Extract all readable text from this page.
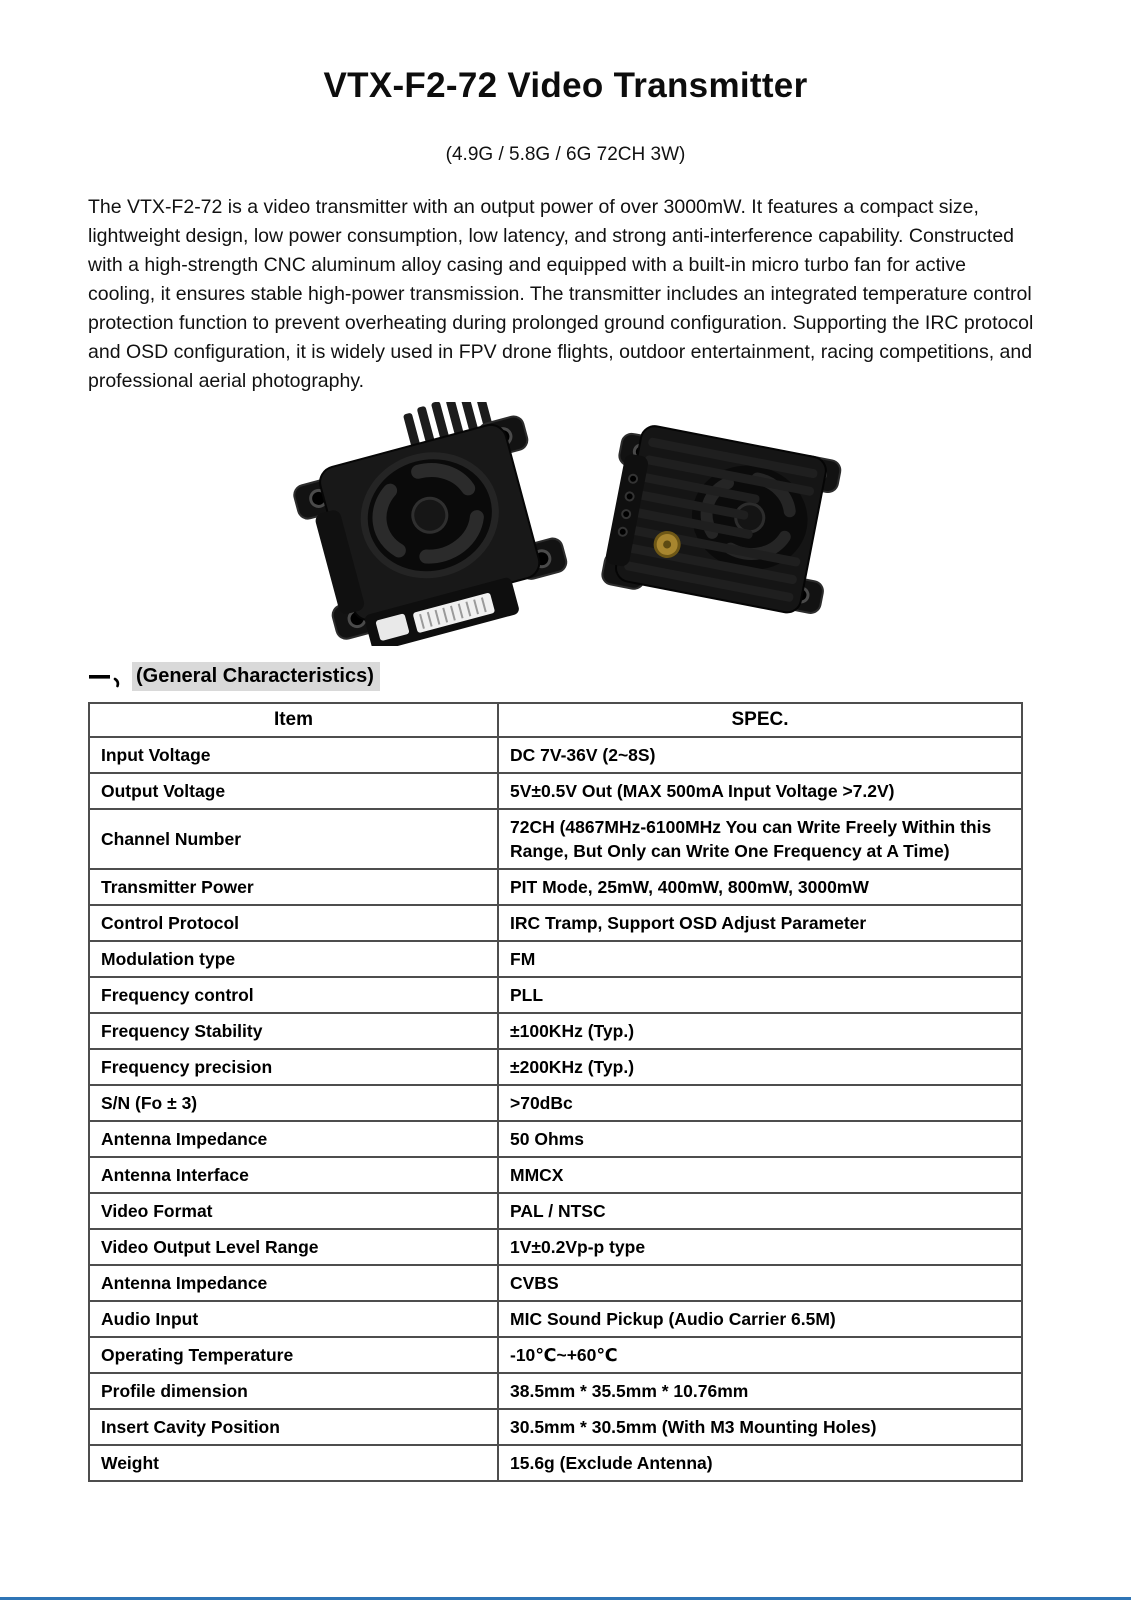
VTX-F2-72 Video Transmitter
(4.9G / 5.8G / 6G 72CH 3W)
The VTX-F2-72 is a video transmitter with an output power of over 3000mW. It features a compact size, lightweight design, low power consumption, low latency, and strong anti-interference capability. Constructed with a high-strength CNC aluminum alloy casing and equipped with a built-in micro turbo fan for active cooling, it ensures stable high-power transmission. The transmitter includes an integrated temperature control protection function to prevent overheating during prolonged ground configuration. Supporting the IRC protocol and OSD configuration, it is widely used in FPV drone flights, outdoor entertainment, racing competitions, and professional aerial photography.
(General Characteristics)
Item	SPEC.
Input Voltage	DC 7V-36V (2~8S)
Output Voltage	5V±0.5V Out (MAX 500mA Input Voltage >7.2V)
Channel Number	72CH (4867MHz-6100MHz You can Write Freely Within this Range, But Only can Write One Frequency at A Time)
Transmitter Power	PIT Mode, 25mW, 400mW, 800mW, 3000mW
Control Protocol	IRC Tramp, Support OSD Adjust Parameter
Modulation type	FM
Frequency control	PLL
Frequency Stability	±100KHz (Typ.)
Frequency precision	±200KHz (Typ.)
S/N (Fo ± 3)	>70dBc
Antenna Impedance	50 Ohms
Antenna Interface	MMCX
Video Format	PAL / NTSC
Video Output Level Range	1V±0.2Vp-p type
Antenna Impedance	CVBS
Audio Input	MIC Sound Pickup (Audio Carrier 6.5M)
Operating Temperature	-10℃~+60℃
Profile dimension	38.5mm * 35.5mm * 10.76mm
Insert Cavity Position	30.5mm * 30.5mm (With M3 Mounting Holes)
Weight	15.6g (Exclude Antenna)
